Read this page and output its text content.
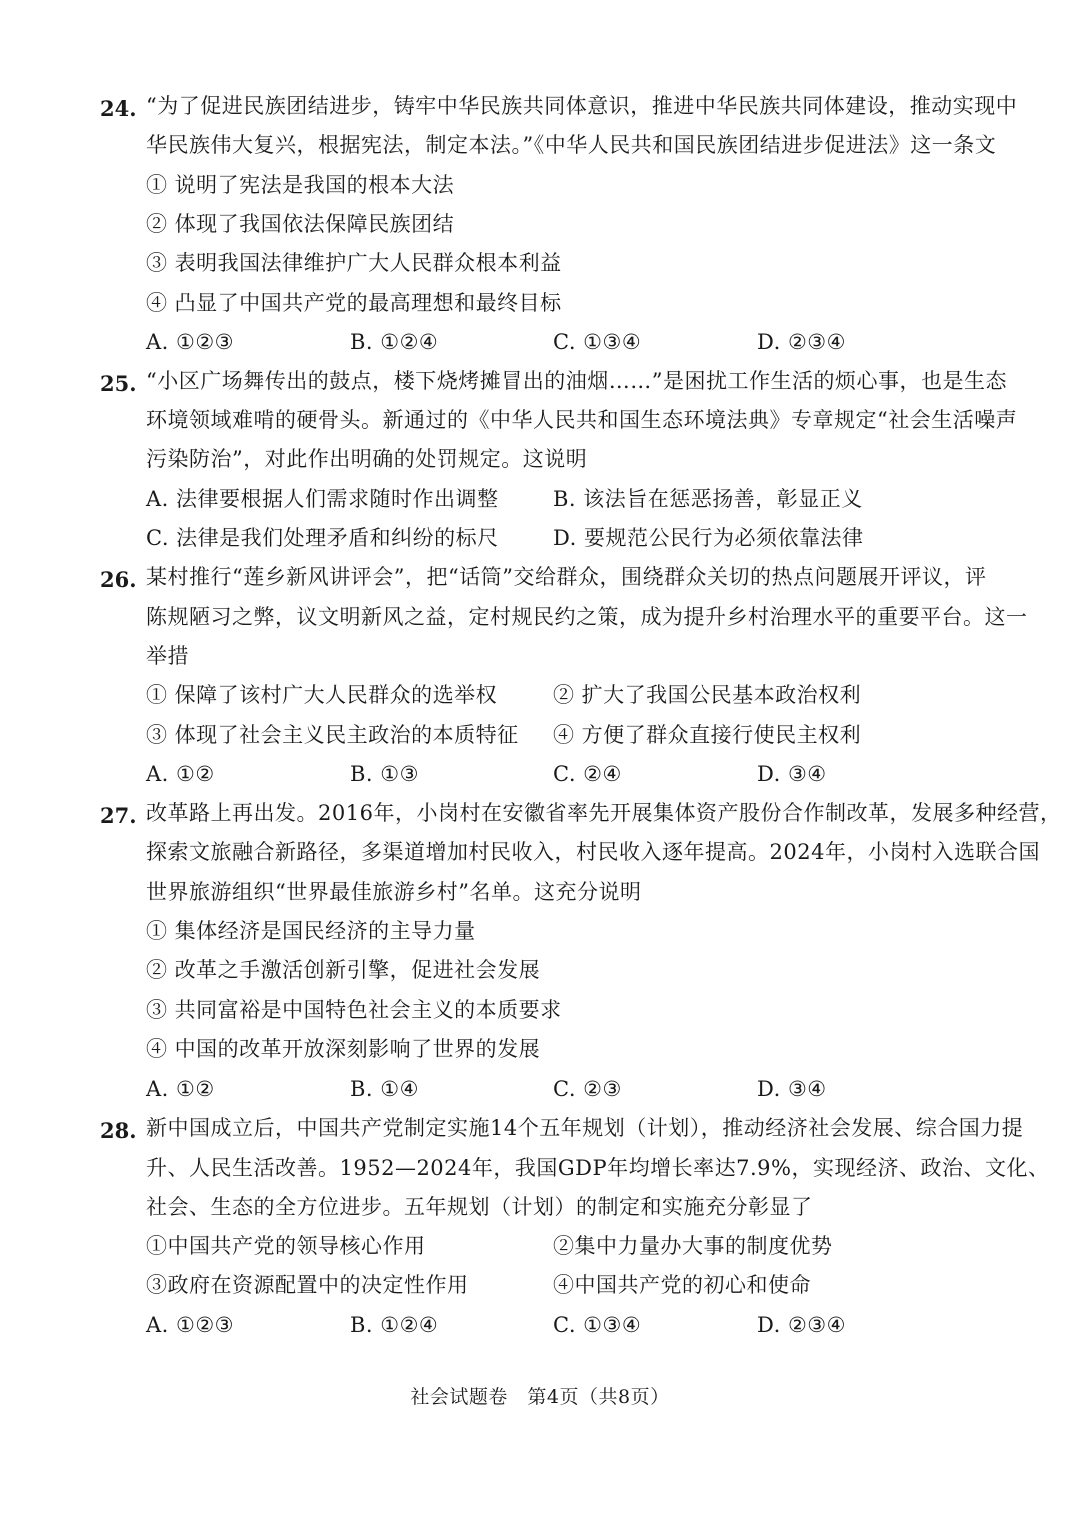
24. “为了促进民族团结进步，铸牢中华民族共同体意识，推进中华民族共同体建设，推动实现中
华民族伟大复兴，根据宪法，制定本法。”《中华人民共和国民族团结进步促进法》这一条文
① 说明了宪法是我国的根本大法
② 体现了我国依法保障民族团结
③ 表明我国法律维护广大人民群众根本利益
④ 凸显了中国共产党的最高理想和最终目标
A. ①②③	B. ①②④	C. ①③④	D. ②③④
25. “小区广场舞传出的鼓点，楼下烧烤摊冒出的油烟……”是困扰工作生活的烦心事，也是生态
环境领域难啃的硬骨头。新通过的《中华人民共和国生态环境法典》专章规定“社会生活噪声
污染防治”，对此作出明确的处罚规定。这说明
A. 法律要根据人们需求随时作出调整	B. 该法旨在惩恶扬善，彰显正义
C. 法律是我们处理矛盾和纠纷的标尺	D. 要规范公民行为必须依靠法律
26. 某村推行“莲乡新风讲评会”，把“话筒”交给群众，围绕群众关切的热点问题展开评议，评
陈规陋习之弊，议文明新风之益，定村规民约之策，成为提升乡村治理水平的重要平台。这一
举措
① 保障了该村广大人民群众的选举权	② 扩大了我国公民基本政治权利
③ 体现了社会主义民主政治的本质特征 ④ 方便了群众直接行使民主权利
A. ①②	B. ①③	C. ②④	D. ③④
27. 改革路上再出发。2016年，小岗村在安徽省率先开展集体资产股份合作制改革，发展多种经营，
探索文旅融合新路径，多渠道增加村民收入，村民收入逐年提高。2024年，小岗村入选联合国
世界旅游组织“世界最佳旅游乡村”名单。这充分说明
① 集体经济是国民经济的主导力量
② 改革之手激活创新引擎，促进社会发展
③ 共同富裕是中国特色社会主义的本质要求
④ 中国的改革开放深刻影响了世界的发展
A. ①②	B. ①④	C. ②③	D. ③④
28. 新中国成立后，中国共产党制定实施14个五年规划（计划），推动经济社会发展、综合国力提
升、人民生活改善。1952—2024年，我国GDP年均增长率达7.9%，实现经济、政治、文化、
社会、生态的全方位进步。五年规划（计划）的制定和实施充分彰显了
①中国共产党的领导核心作用	②集中力量办大事的制度优势
③政府在资源配置中的决定性作用	④中国共产党的初心和使命
A. ①②③	B. ①②④	C. ①③④	D. ②③④
社会试题卷　第4页（共8页）
